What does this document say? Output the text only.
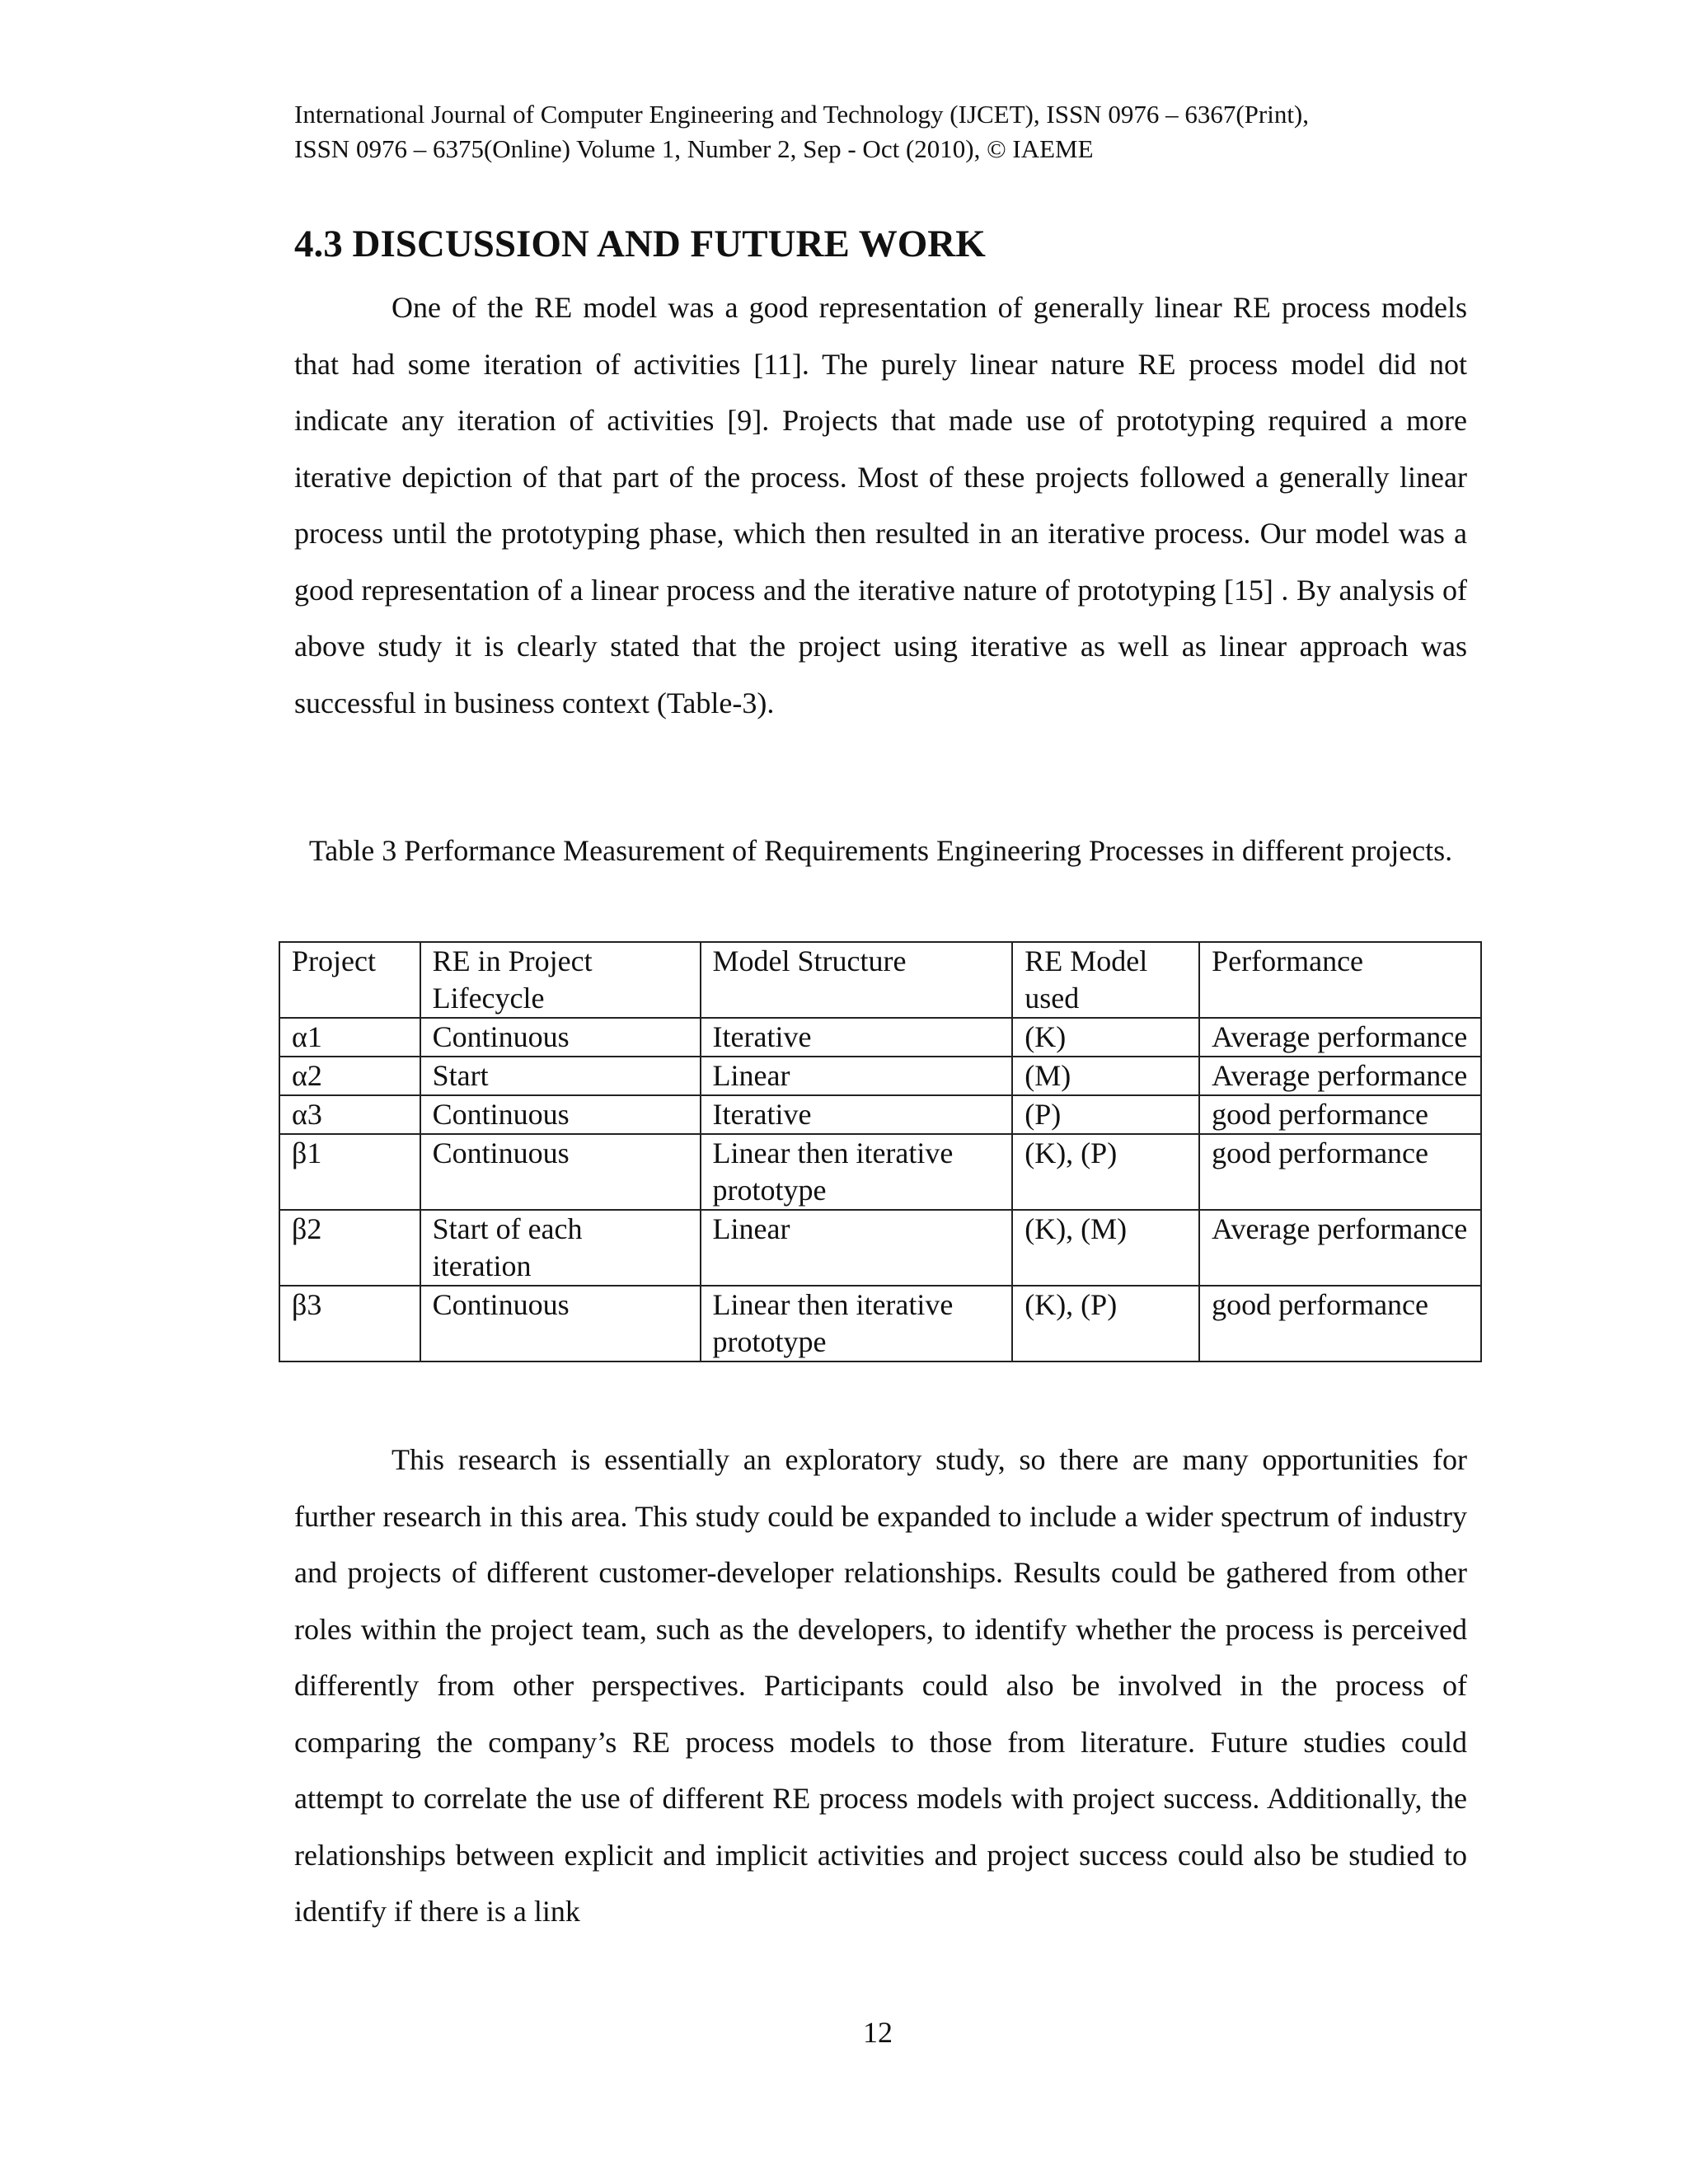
International Journal of Computer Engineering and Technology (IJCET), ISSN 0976 – 6367(Print),
ISSN 0976 – 6375(Online) Volume 1, Number 2, Sep - Oct (2010), © IAEME
4.3 DISCUSSION AND FUTURE WORK

One of the RE model was a good representation of generally linear RE process models that had some iteration of activities [11]. The purely linear nature RE process model did not indicate any iteration of activities [9]. Projects that made use of prototyping required a more iterative depiction of that part of the process. Most of these projects followed a generally linear process until the prototyping phase, which then resulted in an iterative process. Our model was a good representation of a linear process and the iterative nature of prototyping [15] . By analysis of above study it is clearly stated that the project using iterative as well as linear approach was successful in business context (Table-3).

Table 3 Performance Measurement of Requirements Engineering Processes in different projects.
Project	RE in Project Lifecycle	Model Structure	RE Model used	Performance
α1	Continuous	Iterative	(K)	Average performance
α2	Start	Linear	(M)	Average performance
α3	Continuous	Iterative	(P)	good performance
β1	Continuous	Linear then iterative prototype	(K), (P)	good performance
β2	Start of each iteration	Linear	(K), (M)	Average performance
β3	Continuous	Linear then iterative prototype	(K), (P)	good performance

This research is essentially an exploratory study, so there are many opportunities for further research in this area. This study could be expanded to include a wider spectrum of industry and projects of different customer-developer relationships. Results could be gathered from other roles within the project team, such as the developers, to identify whether the process is perceived differently from other perspectives. Participants could also be involved in the process of comparing the company’s RE process models to those from literature. Future studies could attempt to correlate the use of different RE process models with project success. Additionally, the relationships between explicit and implicit activities and project success could also be studied to identify if there is a link

12
